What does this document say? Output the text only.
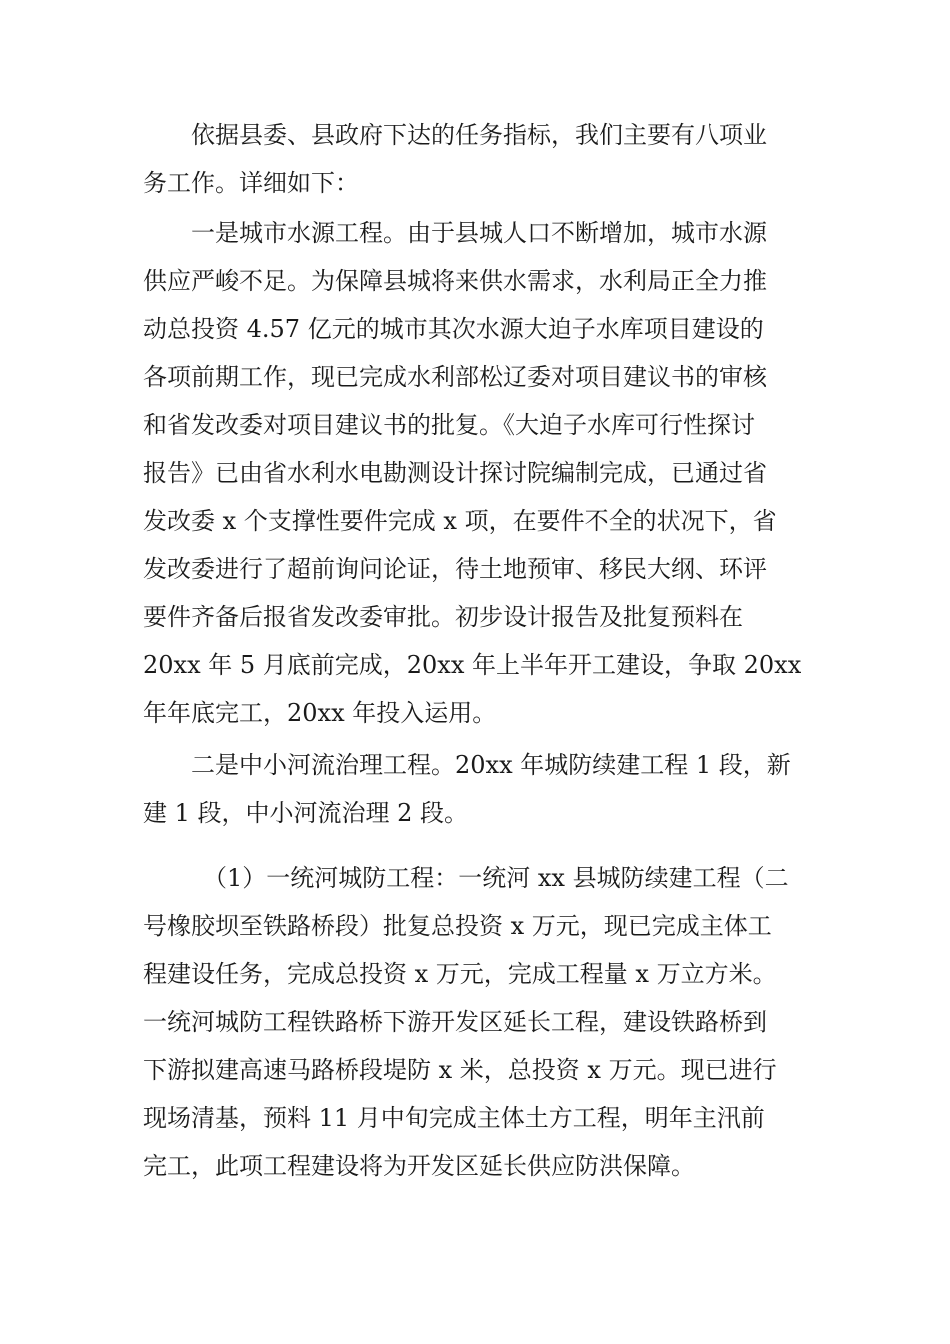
依据县委、县政府下达的任务指标，我们主要有八项业
务工作。详细如下：
一是城市水源工程。由于县城人口不断增加，城市水源
供应严峻不足。为保障县城将来供水需求，水利局正全力推
动总投资 4.57 亿元的城市其次水源大迫子水库项目建设的
各项前期工作，现已完成水利部松辽委对项目建议书的审核
和省发改委对项目建议书的批复。《大迫子水库可行性探讨
报告》已由省水利水电勘测设计探讨院编制完成，已通过省
发改委 x 个支撑性要件完成 x 项，在要件不全的状况下，省
发改委进行了超前询问论证，待土地预审、移民大纲、环评
要件齐备后报省发改委审批。初步设计报告及批复预料在
20xx 年 5 月底前完成，20xx 年上半年开工建设，争取 20xx
年年底完工，20xx 年投入运用。
二是中小河流治理工程。20xx 年城防续建工程 1 段，新
建 1 段，中小河流治理 2 段。
（1）一统河城防工程：一统河 xx 县城防续建工程（二
号橡胶坝至铁路桥段）批复总投资 x 万元，现已完成主体工
程建设任务，完成总投资 x 万元，完成工程量 x 万立方米。
一统河城防工程铁路桥下游开发区延长工程，建设铁路桥到
下游拟建高速马路桥段堤防 x 米，总投资 x 万元。现已进行
现场清基，预料 11 月中旬完成主体土方工程，明年主汛前
完工，此项工程建设将为开发区延长供应防洪保障。
